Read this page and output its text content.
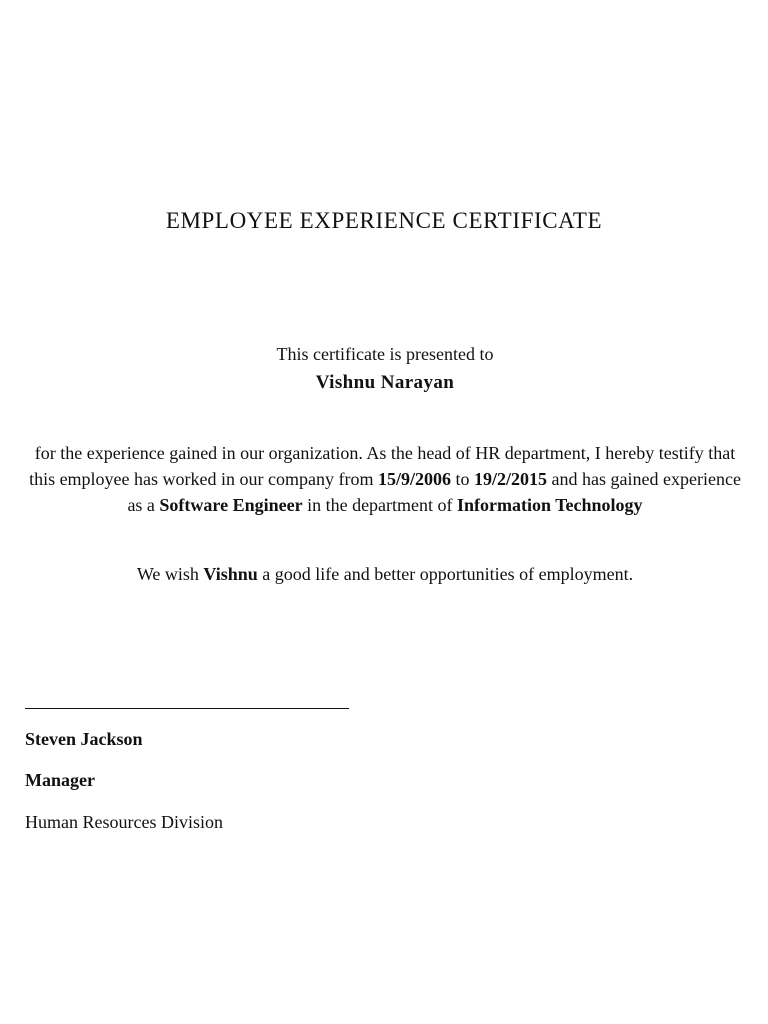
EMPLOYEE EXPERIENCE CERTIFICATE

This certificate is presented to

Vishnu Narayan

for the experience gained in our organization. As the head of HR department, I hereby testify that this employee has worked in our company from 15/9/2006 to 19/2/2015 and has gained experience as a Software Engineer in the department of Information Technology

We wish Vishnu a good life and better opportunities of employment.

Steven Jackson

Manager

Human Resources Division
